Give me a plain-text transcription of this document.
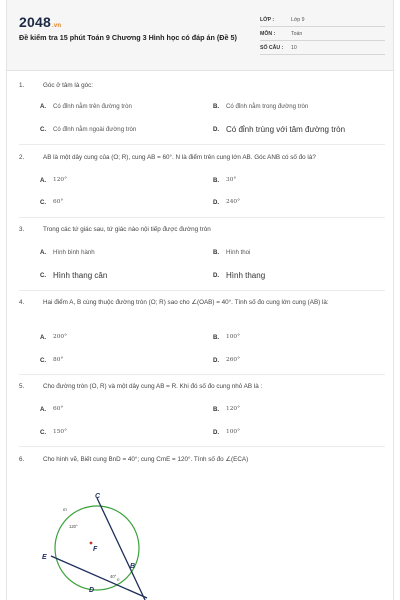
2048.vn
Đề kiểm tra 15 phút Toán 9 Chương 3 Hình học có đáp án (Đề 5)
LỚP :	Lớp 9
MÔN :	Toán
SỐ CÂU : 10
1.	Góc ở tâm là góc:
A. Có đỉnh nằm trên đường tròn	B. Có đỉnh nằm trong đường tròn
C. Có đỉnh nằm ngoài đường tròn	D. Có đỉnh trùng với tâm đường tròn
2.	AB là một dây cung của (O; R), cung AB = 60°. N là điểm trên cung lớn AB. Góc ANB có số đo là?
A. 120°	B. 30°
C. 60°	D. 240°
3.	Trong các tứ giác sau, tứ giác nào nội tiếp được đường tròn
A. Hình bình hành	B. Hình thoi
C. Hình thang cân	D. Hình thang
4.	Hai điểm A, B cùng thuộc đường tròn (O; R) sao cho ∠(OAB) = 40°. Tính số đo cung lớn cung (AB) là:
A. 200°	B. 100°
C. 80°	D. 260°
5.	Cho đường tròn (O, R) và một dây cung AB = R. Khi đó số đo cung nhỏ AB là :
A. 60°	B. 120°
C. 150°	D. 100°
6.	Cho hình vẽ, Biết cung BnD = 40°; cung CmE = 120°. Tính số đo ∠(ECA)
C
E
F
B
D
m
n
120°
40°
